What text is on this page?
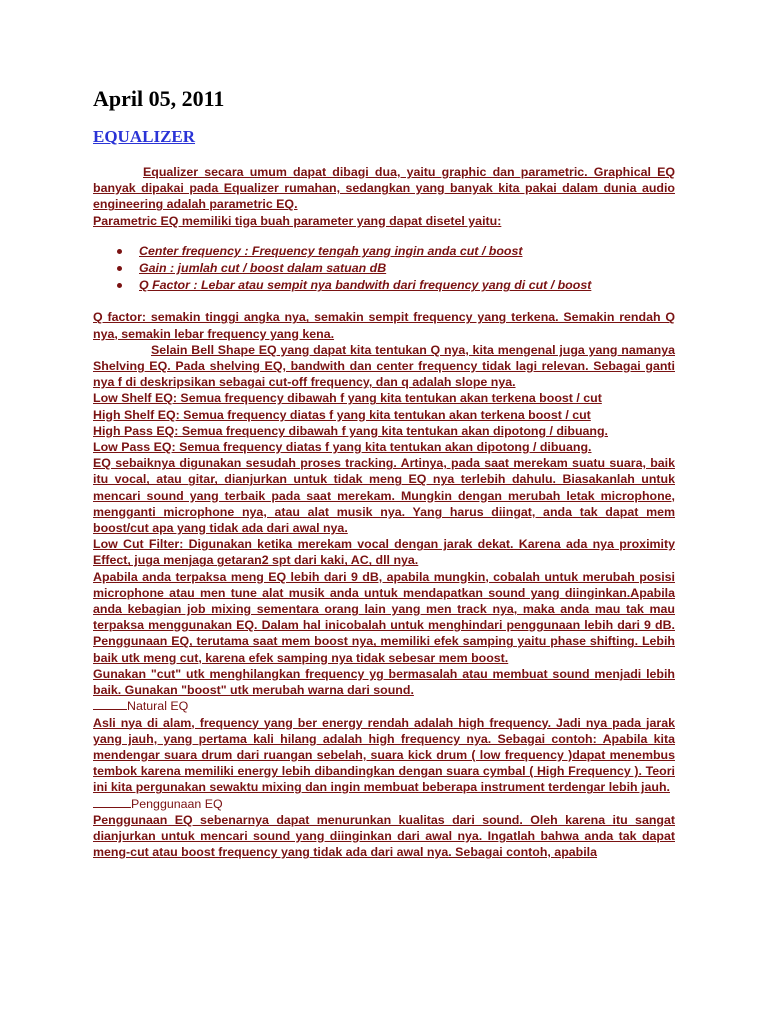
April 05, 2011
EQUALIZER

Equalizer secara umum dapat dibagi dua, yaitu graphic dan parametric. Graphical EQ banyak dipakai pada Equalizer rumahan, sedangkan yang banyak kita pakai dalam dunia audio engineering adalah parametric EQ.

Parametric EQ memiliki tiga buah parameter yang dapat disetel yaitu:

Center frequency : Frequency tengah yang ingin anda cut / boost
Gain : jumlah cut / boost dalam satuan dB
Q Factor : Lebar atau sempit nya bandwith dari frequency yang di cut / boost

Q factor: semakin tinggi angka nya, semakin sempit frequency yang terkena. Semakin rendah Q nya, semakin lebar frequency yang kena.

Selain Bell Shape EQ yang dapat kita tentukan Q nya, kita mengenal juga yang namanya Shelving EQ. Pada shelving EQ, bandwith dan center frequency tidak lagi relevan. Sebagai ganti nya f di deskripsikan sebagai cut-off frequency, dan q adalah slope nya.

Low Shelf EQ: Semua frequency dibawah f yang kita tentukan akan terkena boost / cut

High Shelf EQ: Semua frequency diatas f yang kita tentukan akan terkena boost / cut

High Pass EQ: Semua frequency dibawah f yang kita tentukan akan dipotong / dibuang.

Low Pass EQ: Semua frequency diatas f yang kita tentukan akan dipotong / dibuang.

EQ sebaiknya digunakan sesudah proses tracking. Artinya, pada saat merekam suatu suara, baik itu vocal, atau gitar, dianjurkan untuk tidak meng EQ nya terlebih dahulu. Biasakanlah untuk mencari sound yang terbaik pada saat merekam. Mungkin dengan merubah letak microphone, mengganti microphone nya, atau alat musik nya. Yang harus diingat, anda tak dapat mem boost/cut apa yang tidak ada dari awal nya.

Low Cut Filter: Digunakan ketika merekam vocal dengan jarak dekat. Karena ada nya proximity Effect, juga menjaga getaran2 spt dari kaki, AC, dll nya.

Apabila anda terpaksa meng EQ lebih dari 9 dB, apabila mungkin, cobalah untuk merubah posisi microphone atau men tune alat musik anda untuk mendapatkan sound yang diinginkan.Apabila anda kebagian job mixing sementara orang lain yang men track nya, maka anda mau tak mau terpaksa menggunakan EQ. Dalam hal inicobalah untuk menghindari penggunaan lebih dari 9 dB. Penggunaan EQ, terutama saat mem boost nya, memiliki efek samping yaitu phase shifting. Lebih baik utk meng cut, karena efek samping nya tidak sebesar mem boost.

Gunakan "cut" utk menghilangkan frequency yg bermasalah atau membuat sound menjadi lebih baik. Gunakan "boost" utk merubah warna dari sound.

Natural EQ

Asli nya di alam, frequency yang ber energy rendah adalah high frequency. Jadi nya pada jarak yang jauh, yang pertama kali hilang adalah high frequency nya. Sebagai contoh: Apabila kita mendengar suara drum dari ruangan sebelah, suara kick drum ( low frequency )dapat menembus tembok karena memiliki energy lebih dibandingkan dengan suara cymbal ( High Frequency ). Teori ini kita pergunakan sewaktu mixing dan ingin membuat beberapa instrument terdengar lebih jauh.

Penggunaan EQ

Penggunaan EQ sebenarnya dapat menurunkan kualitas dari sound. Oleh karena itu sangat dianjurkan untuk mencari sound yang diinginkan dari awal nya. Ingatlah bahwa anda tak dapat meng-cut atau boost frequency yang tidak ada dari awal nya. Sebagai contoh, apabila
